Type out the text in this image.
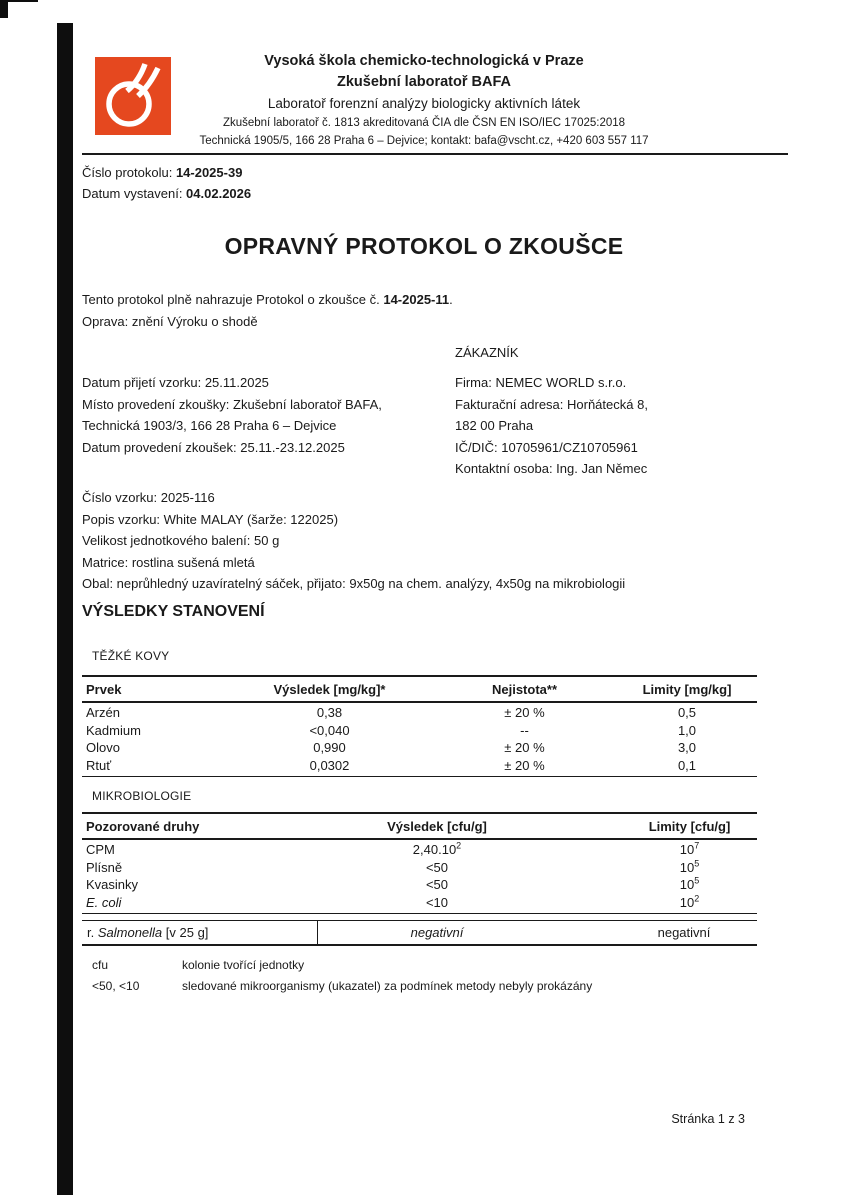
Vysoká škola chemicko-technologická v Praze
Zkušební laboratoř BAFA
Laboratoř forenzní analýzy biologicky aktivních látek
Zkušební laboratoř č. 1813 akreditovaná ČIA dle ČSN EN ISO/IEC 17025:2018
Technická 1905/5, 166 28 Praha 6 – Dejvice; kontakt: bafa@vscht.cz, +420 603 557 117
Číslo protokolu: 14-2025-39
Datum vystavení: 04.02.2026
OPRAVNÝ PROTOKOL O ZKOUŠCE
Tento protokol plně nahrazuje Protokol o zkoušce č. 14-2025-11.
Oprava: znění Výroku o shodě
ZÁKAZNÍK
Datum přijetí vzorku: 25.11.2025
Místo provedení zkoušky: Zkušební laboratoř BAFA,
Technická 1903/3, 166 28 Praha 6 – Dejvice
Datum provedení zkoušek: 25.11.-23.12.2025
Firma: NEMEC WORLD s.r.o.
Fakturační adresa: Horňátecká 8,
182 00 Praha
IČ/DIČ: 10705961/CZ10705961
Kontaktní osoba: Ing. Jan Němec
Číslo vzorku: 2025-116
Popis vzorku: White MALAY (šarže: 122025)
Velikost jednotkového balení: 50 g
Matrice: rostlina sušená mletá
Obal: neprůhledný uzavíratelný sáček, přijato: 9x50g na chem. analýzy, 4x50g na mikrobiologii
VÝSLEDKY STANOVENÍ
TĚŽKÉ KOVY
Prvek	Výsledek [mg/kg]*	Nejistota**	Limity [mg/kg]
Arzén	0,38	± 20 %	0,5
Kadmium	<0,040	--	1,0
Olovo	0,990	± 20 %	3,0
Rtuť	0,0302	± 20 %	0,1
MIKROBIOLOGIE
Pozorované druhy	Výsledek [cfu/g]	Limity [cfu/g]
CPM	2,40.10$^2$	$10^7$
Plísně	<50	$10^5$
Kvasinky	<50	$10^5$
E. coli	<10	$10^2$
r. Salmonella [v 25 g]	negativní	negativní
cfu	kolonie tvořící jednotky
<50, <10	sledované mikroorganismy (ukazatel) za podmínek metody nebyly prokázány
Stránka 1 z 3
